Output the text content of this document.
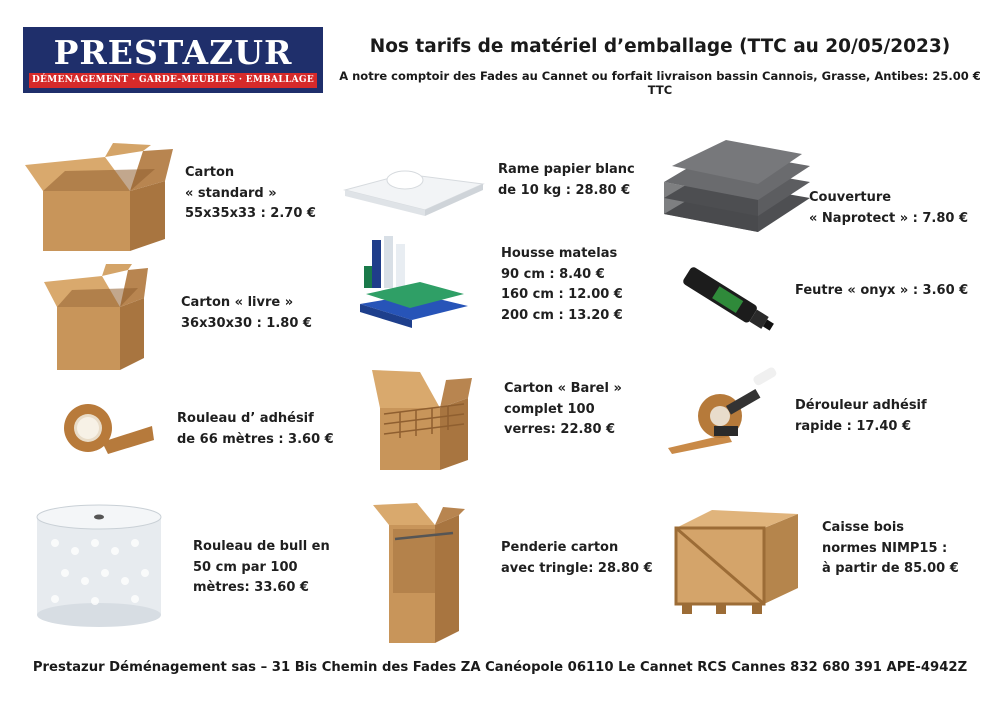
PRESTAZUR
DÉMENAGEMENT · GARDE-MEUBLES · EMBALLAGE
Nos tarifs de matériel d’emballage (TTC au 20/05/2023)
A notre comptoir des Fades au Cannet ou forfait livraison bassin Cannois, Grasse, Antibes: 25.00 € TTC
Carton
« standard »
55x35x33 : 2.70 €
Carton « livre »
36x30x30 : 1.80 €
Rouleau d’ adhésif
de 66 mètres : 3.60 €
Rouleau de bull en
50 cm par 100
mètres: 33.60 €
Rame papier blanc
de 10 kg : 28.80 €
Housse matelas
90 cm : 8.40 €
160 cm : 12.00 €
200 cm : 13.20 €
Carton « Barel »
complet 100
verres: 22.80 €
Penderie carton
avec tringle: 28.80 €
Couverture
« Naprotect » : 7.80 €
Feutre « onyx » : 3.60 €
Dérouleur adhésif
rapide : 17.40 €
Caisse bois
normes NIMP15 :
à partir de 85.00 €
Prestazur Déménagement sas – 31 Bis Chemin des Fades ZA Canéopole 06110 Le Cannet RCS Cannes 832 680 391 APE-4942Z
